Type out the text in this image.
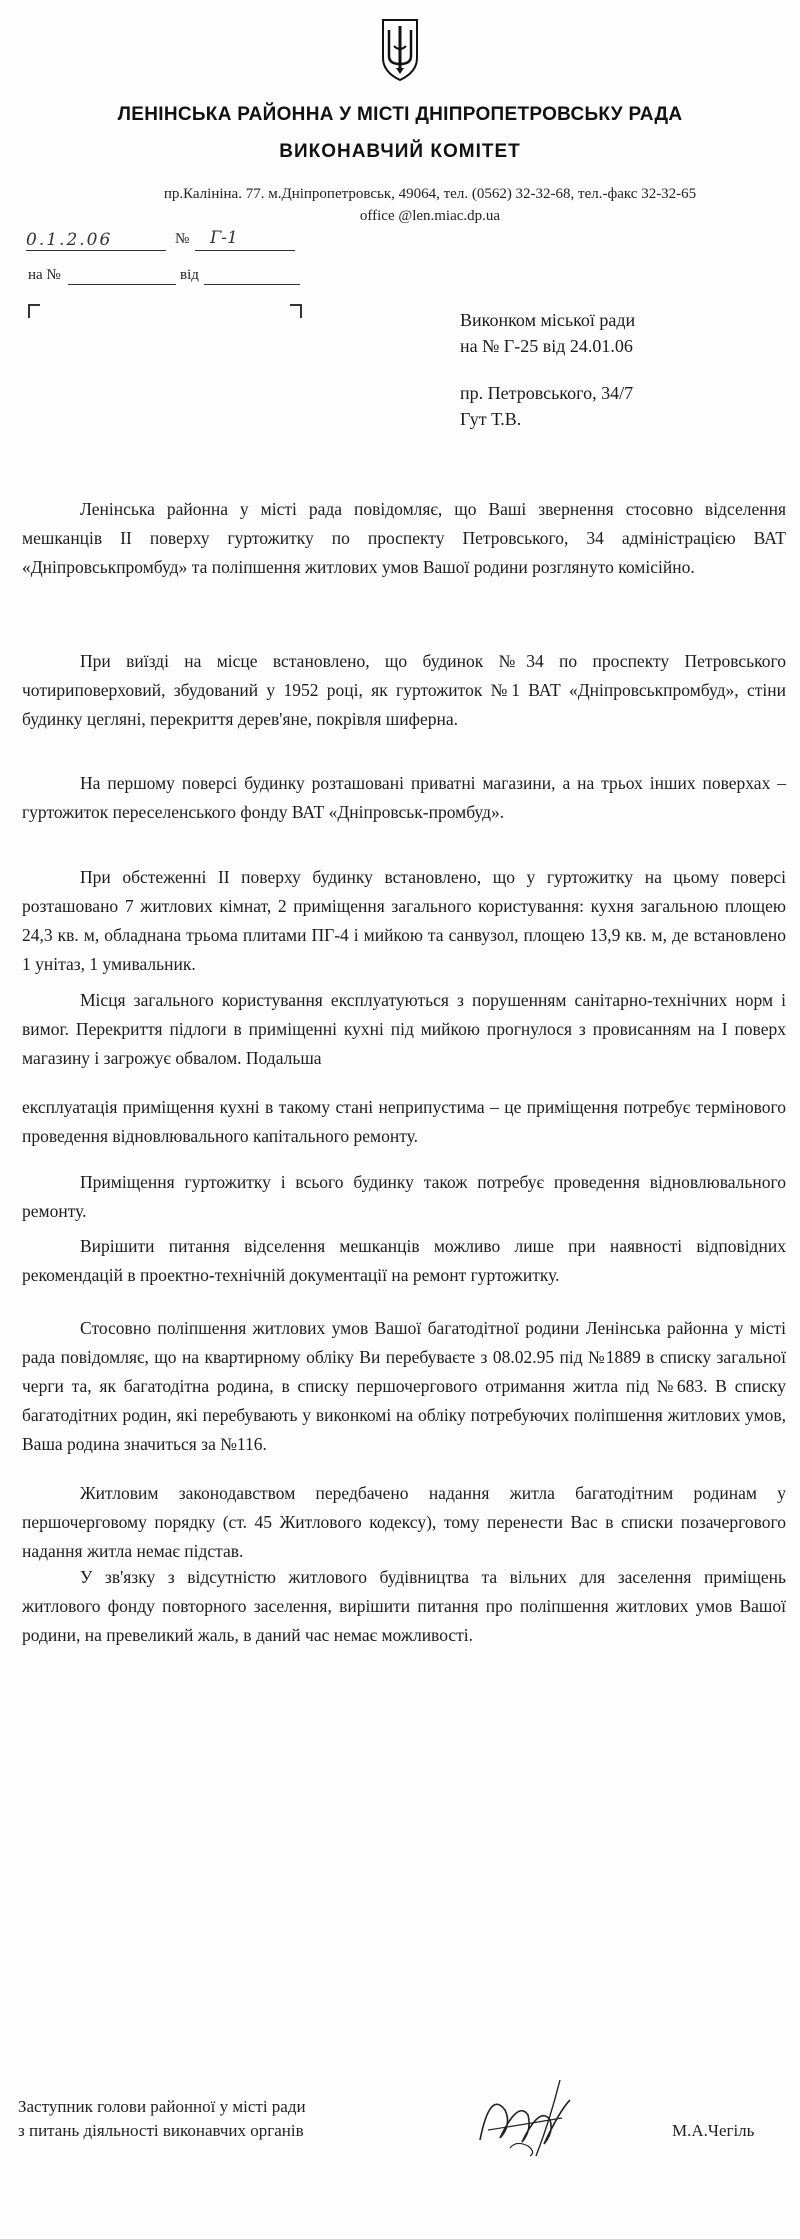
ЛЕНІНСЬКА РАЙОННА У МІСТІ ДНІПРОПЕТРОВСЬКУ РАДА
ВИКОНАВЧИЙ КОМІТЕТ
пр.Калініна. 77. м.Дніпропетровськ, 49064, тел. (0562) 32-32-68, тел.-факс 32-32-65
office @len.miac.dp.ua
0.1.2.06	№ Г-1
на №	від
Виконком міської ради
на № Г-25 від 24.01.06
пр. Петровського, 34/7
Гут Т.В.
Ленінська районна у місті рада повідомляє, що Ваші звернення стосовно відселення мешканців II поверху гуртожитку по проспекту Петровського, 34 адміністрацією ВАТ «Дніпровськпромбуд» та поліпшення житлових умов Вашої родини розглянуто комісійно.
При виїзді на місце встановлено, що будинок №34 по проспекту Петровського чотириповерховий, збудований у 1952 році, як гуртожиток №1 ВАТ «Дніпровськпромбуд», стіни будинку цегляні, перекриття дерев'яне, покрівля шиферна.
На першому поверсі будинку розташовані приватні магазини, а на трьох інших поверхах – гуртожиток переселенського фонду ВАТ «Дніпровськ-промбуд».
При обстеженні II поверху будинку встановлено, що у гуртожитку на цьому поверсі розташовано 7 житлових кімнат, 2 приміщення загального користування: кухня загальною площею 24,3 кв. м, обладнана трьома плитами ПГ-4 і мийкою та санвузол, площею 13,9 кв. м, де встановлено 1 унітаз, 1 умивальник.
Місця загального користування експлуатуються з порушенням санітарно-технічних норм і вимог. Перекриття підлоги в приміщенні кухні під мийкою прогнулося з провисанням на I поверх магазину і загрожує обвалом. Подальша
експлуатація приміщення кухні в такому стані неприпустима – це приміщення потребує термінового проведення відновлювального капітального ремонту.
Приміщення гуртожитку і всього будинку також потребує проведення відновлювального ремонту.
Вирішити питання відселення мешканців можливо лише при наявності відповідних рекомендацій в проектно-технічній документації на ремонт гуртожитку.
Стосовно поліпшення житлових умов Вашої багатодітної родини Ленінська районна у місті рада повідомляє, що на квартирному обліку Ви перебуваєте з 08.02.95 під №1889 в списку загальної черги та, як багатодітна родина, в списку першочергового отримання житла під №683. В списку багатодітних родин, які перебувають у виконкомі на обліку потребуючих поліпшення житлових умов, Ваша родина значиться за №116.
Житловим законодавством передбачено надання житла багатодітним родинам у першочерговому порядку (ст. 45 Житлового кодексу), тому перенести Вас в списки позачергового надання житла немає підстав.
У зв'язку з відсутністю житлового будівництва та вільних для заселення приміщень житлового фонду повторного заселення, вирішити питання про поліпшення житлових умов Вашої родини, на превеликий жаль, в даний час немає можливості.
Заступник голови районної у місті ради
з питань діяльності виконавчих органів	М.А.Чегіль
